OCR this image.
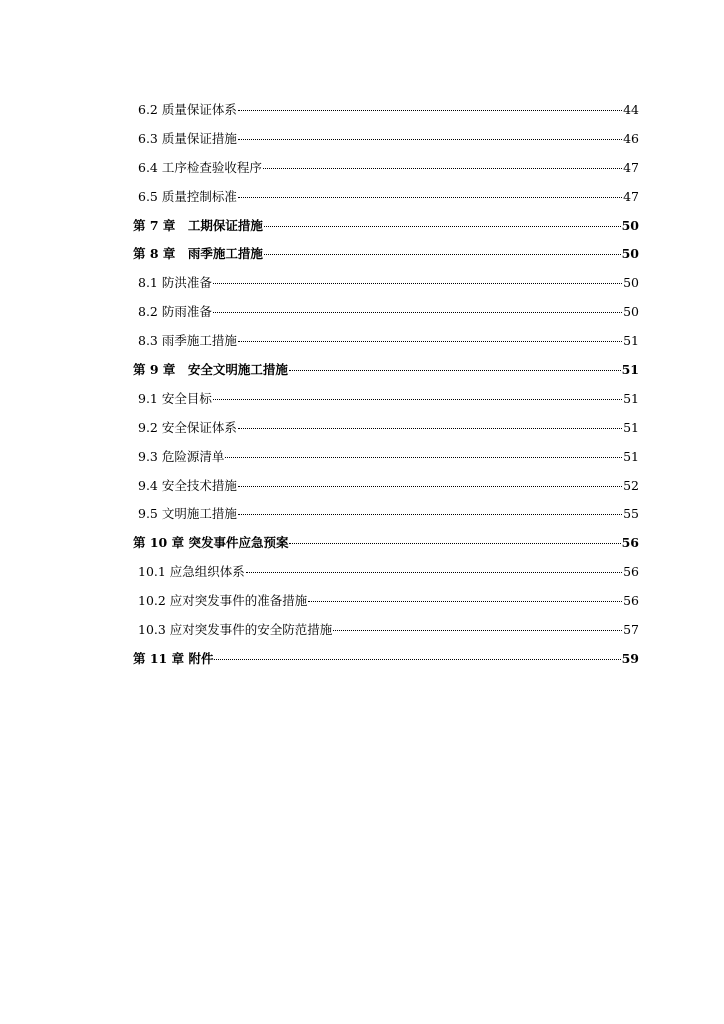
6.2 质量保证体系	44
6.3 质量保证措施	46
6.4 工序检查验收程序	47
6.5 质量控制标准	47
第 7 章　工期保证措施	50
第 8 章　雨季施工措施	50
8.1 防洪准备	50
8.2 防雨准备	50
8.3 雨季施工措施	51
第 9 章　安全文明施工措施	51
9.1 安全目标	51
9.2 安全保证体系	51
9.3 危险源清单	51
9.4 安全技术措施	52
9.5 文明施工措施	55
第 10 章 突发事件应急预案	56
10.1 应急组织体系	56
10.2 应对突发事件的准备措施	56
10.3 应对突发事件的安全防范措施	57
第 11 章 附件	59
